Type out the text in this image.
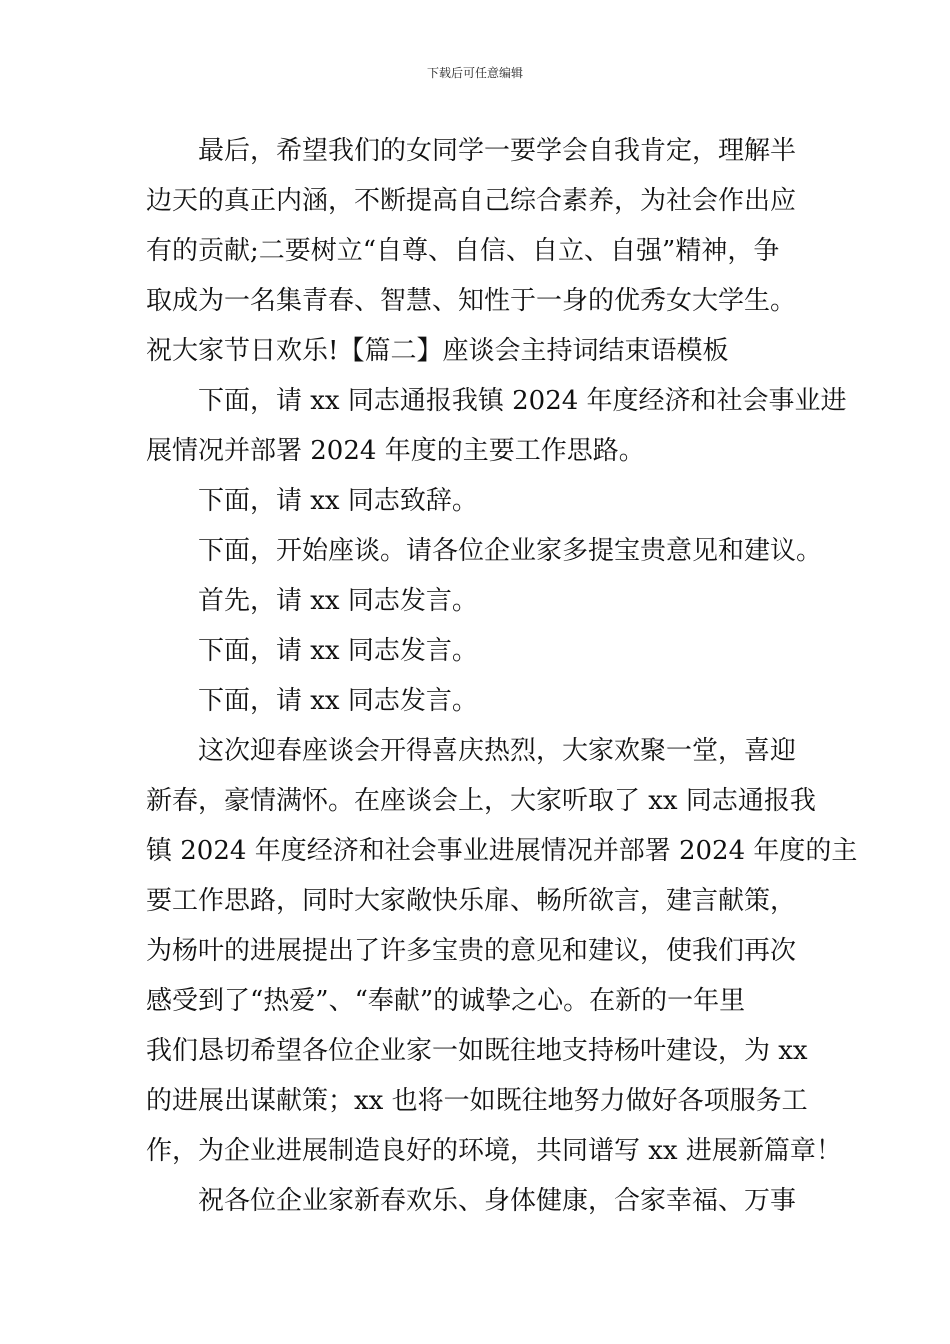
下载后可任意编辑
最后，希望我们的女同学一要学会自我肯定，理解半
边天的真正内涵，不断提高自己综合素养，为社会作出应
有的贡献;二要树立“自尊、自信、自立、自强”精神，争
取成为一名集青春、智慧、知性于一身的优秀女大学生。
祝大家节日欢乐!【篇二】座谈会主持词结束语模板
下面，请 xx 同志通报我镇 2024 年度经济和社会事业进
展情况并部署 2024 年度的主要工作思路。
下面，请 xx 同志致辞。
下面，开始座谈。请各位企业家多提宝贵意见和建议。
首先，请 xx 同志发言。
下面，请 xx 同志发言。
下面，请 xx 同志发言。
这次迎春座谈会开得喜庆热烈，大家欢聚一堂，喜迎
新春，豪情满怀。在座谈会上，大家听取了 xx 同志通报我
镇 2024 年度经济和社会事业进展情况并部署 2024 年度的主
要工作思路，同时大家敞快乐扉、畅所欲言，建言献策，
为杨叶的进展提出了许多宝贵的意见和建议，使我们再次
感受到了“热爱”、“奉献”的诚挚之心。在新的一年里
我们恳切希望各位企业家一如既往地支持杨叶建设，为 xx
的进展出谋献策；xx 也将一如既往地努力做好各项服务工
作，为企业进展制造良好的环境，共同谱写 xx 进展新篇章！
祝各位企业家新春欢乐、身体健康，合家幸福、万事
